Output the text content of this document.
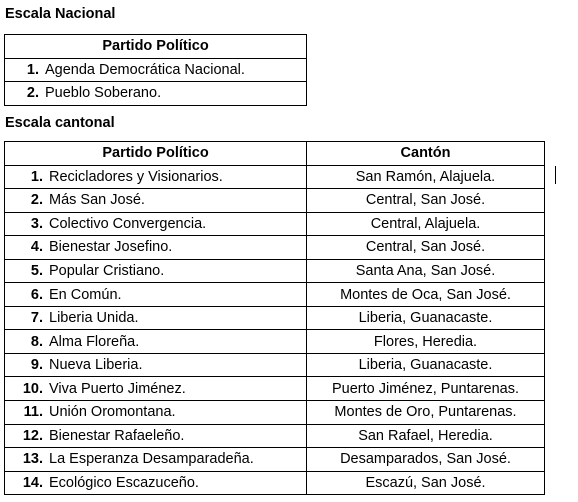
Escala Nacional
Partido Político
1. Agenda Democrática Nacional.
2. Pueblo Soberano.
Escala cantonal
Partido Político	Cantón
1. Recicladores y Visionarios.	San Ramón, Alajuela.
2. Más San José.	Central, San José.
3. Colectivo Convergencia.	Central, Alajuela.
4. Bienestar Josefino.	Central, San José.
5. Popular Cristiano.	Santa Ana, San José.
6. En Común.	Montes de Oca, San José.
7. Liberia Unida.	Liberia, Guanacaste.
8. Alma Floreña.	Flores, Heredia.
9. Nueva Liberia.	Liberia, Guanacaste.
10. Viva Puerto Jiménez.	Puerto Jiménez, Puntarenas.
11. Unión Oromontana.	Montes de Oro, Puntarenas.
12. Bienestar Rafaeleño.	San Rafael, Heredia.
13. La Esperanza Desamparadeña.	Desamparados, San José.
14. Ecológico Escazuceño.	Escazú, San José.
